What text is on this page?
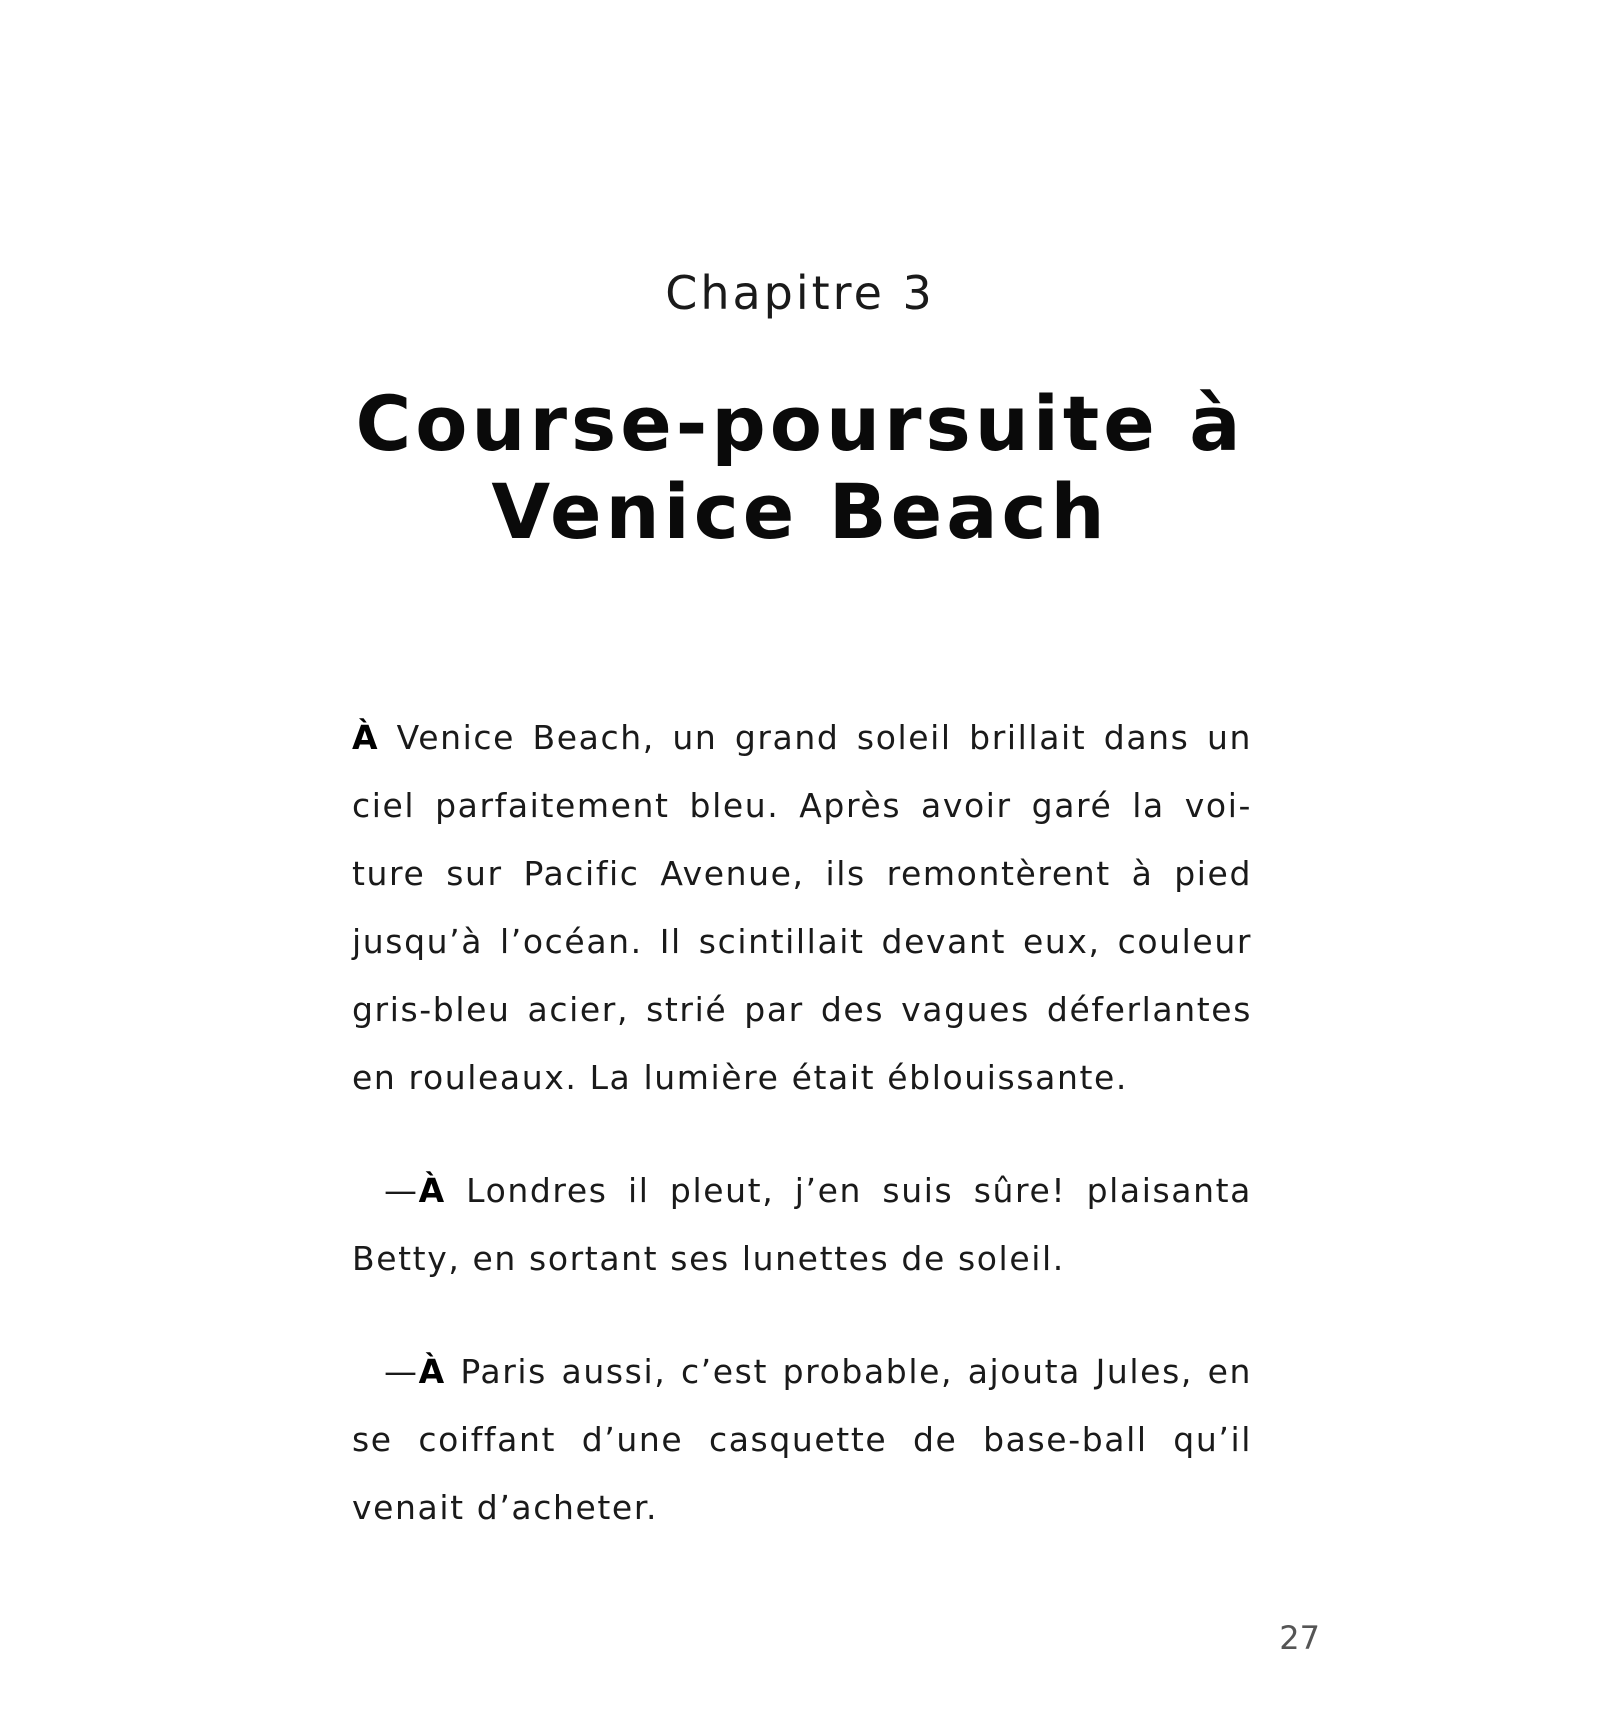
Chapitre 3
Course-poursuite à
Venice Beach

À Venice Beach, un grand soleil brillait dans un ciel parfaitement bleu. Après avoir garé la voi-ture sur Pacific Avenue, ils remontèrent à pied jusqu’à l’océan. Il scintillait devant eux, couleur gris-bleu acier, strié par des vagues déferlantes en rouleaux. La lumière était éblouissante.

—À Londres il pleut, j’en suis sûre! plaisanta Betty, en sortant ses lunettes de soleil.

—À Paris aussi, c’est probable, ajouta Jules, en se coiffant d’une casquette de base-ball qu’il venait d’acheter.

27
